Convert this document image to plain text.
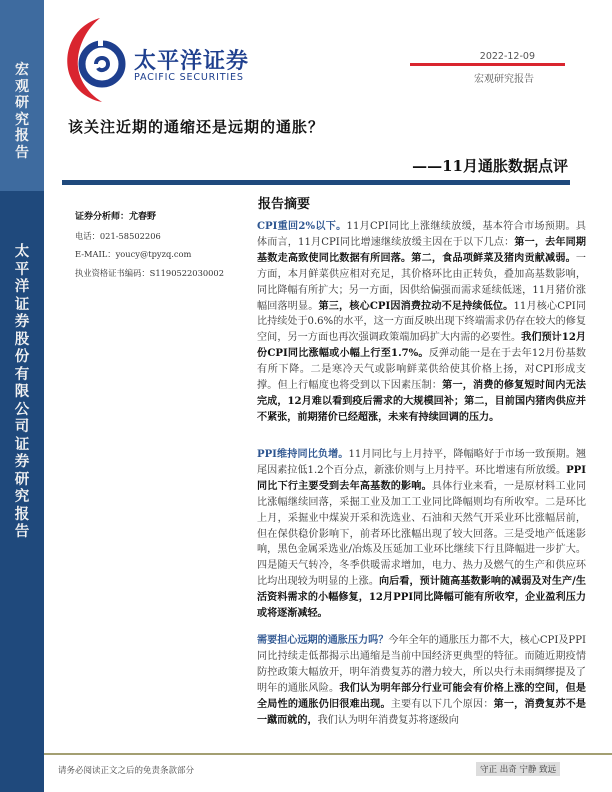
宏观研究报告
太平洋证券股份有限公司证券研究报告
太平洋证券
PACIFIC SECURITIES
2022-12-09
宏观研究报告
该关注近期的通缩还是远期的通胀？
——11月通胀数据点评
证券分析师：尤春野
电话：021-58502206
E-MAIL：youcy@tpyzq.com
执业资格证书编码：S1190522030002
报告摘要
CPI重回2%以下。11月CPI同比上涨继续放缓，基本符合市场预期。具体而言，11月CPI同比增速继续放缓主因在于以下几点：第一，去年同期基数走高致使同比数据有所回落。第二，食品项鲜菜及猪肉贡献减弱。一方面，本月鲜菜供应相对充足，其价格环比由正转负，叠加高基数影响，同比降幅有所扩大；另一方面，因供给偏强而需求延续低迷，11月猪价涨幅回落明显。第三，核心CPI因消费拉动不足持续低位。11月核心CPI同比持续处于0.6%的水平，这一方面反映出现下终端需求仍存在较大的修复空间，另一方面也再次强调政策端加码扩大内需的必要性。我们预计12月份CPI同比涨幅或小幅上行至1.7%。反弹动能一是在于去年12月份基数有所下降。二是寒冷天气或影响鲜菜供给使其价格上扬，对CPI形成支撑。但上行幅度也将受到以下因素压制：第一，消费的修复短时间内无法完成，12月难以看到疫后需求的大规模回补；第二，目前国内猪肉供应并不紧张，前期猪价已经超涨，未来有持续回调的压力。
PPI维持同比负增。11月同比与上月持平，降幅略好于市场一致预期。翘尾因素拉低1.2个百分点，新涨价则与上月持平。环比增速有所放缓。PPI同比下行主要受到去年高基数的影响。具体行业来看，一是原材料工业同比涨幅继续回落，采掘工业及加工工业同比降幅则均有所收窄。二是环比上月，采掘业中煤炭开采和洗选业、石油和天然气开采业环比涨幅居前，但在保供稳价影响下，前者环比涨幅出现了较大回落。三是受地产低迷影响，黑色金属采选业/冶炼及压延加工业环比继续下行且降幅进一步扩大。四是随天气转冷，冬季供暖需求增加，电力、热力及燃气的生产和供应环比均出现较为明显的上涨。向后看，预计随高基数影响的减弱及对生产/生活资料需求的小幅修复，12月PPI同比降幅可能有所收窄，企业盈利压力或将逐渐减轻。
需要担心远期的通胀压力吗？今年全年的通胀压力都不大，核心CPI及PPI同比持续走低都揭示出通缩是当前中国经济更典型的特征。而随近期疫情防控政策大幅放开，明年消费复苏的潜力较大，所以央行未雨绸缪提及了明年的通胀风险。我们认为明年部分行业可能会有价格上涨的空间，但是全局性的通胀仍旧很难出现。主要有以下几个原因：第一，消费复苏不是一蹴而就的，我们认为明年消费复苏将逐级向
请务必阅读正文之后的免责条款部分	守正 出奇 宁静 致远
